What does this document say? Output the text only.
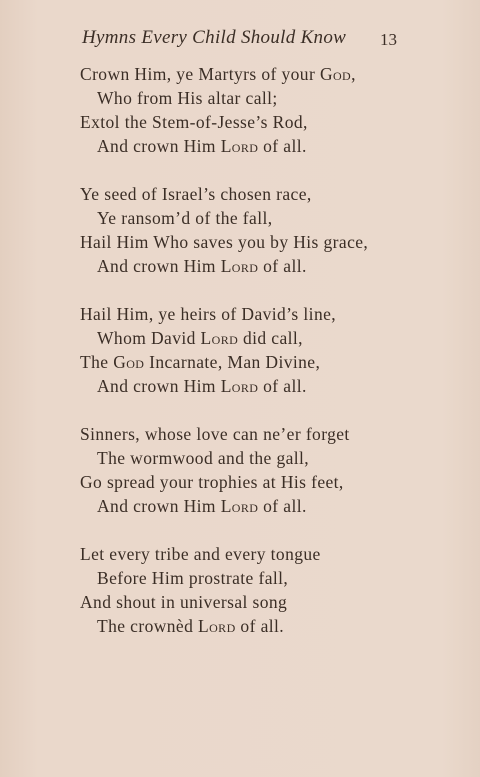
Hymns Every Child Should Know 13
Crown Him, ye Martyrs of your God,
Who from His altar call;
Extol the Stem-of-Jesse’s Rod,
And crown Him Lord of all.
Ye seed of Israel’s chosen race,
Ye ransom’d of the fall,
Hail Him Who saves you by His grace,
And crown Him Lord of all.
Hail Him, ye heirs of David’s line,
Whom David Lord did call,
The God Incarnate, Man Divine,
And crown Him Lord of all.
Sinners, whose love can ne’er forget
The wormwood and the gall,
Go spread your trophies at His feet,
And crown Him Lord of all.
Let every tribe and every tongue
Before Him prostrate fall,
And shout in universal song
The crownèd Lord of all.
